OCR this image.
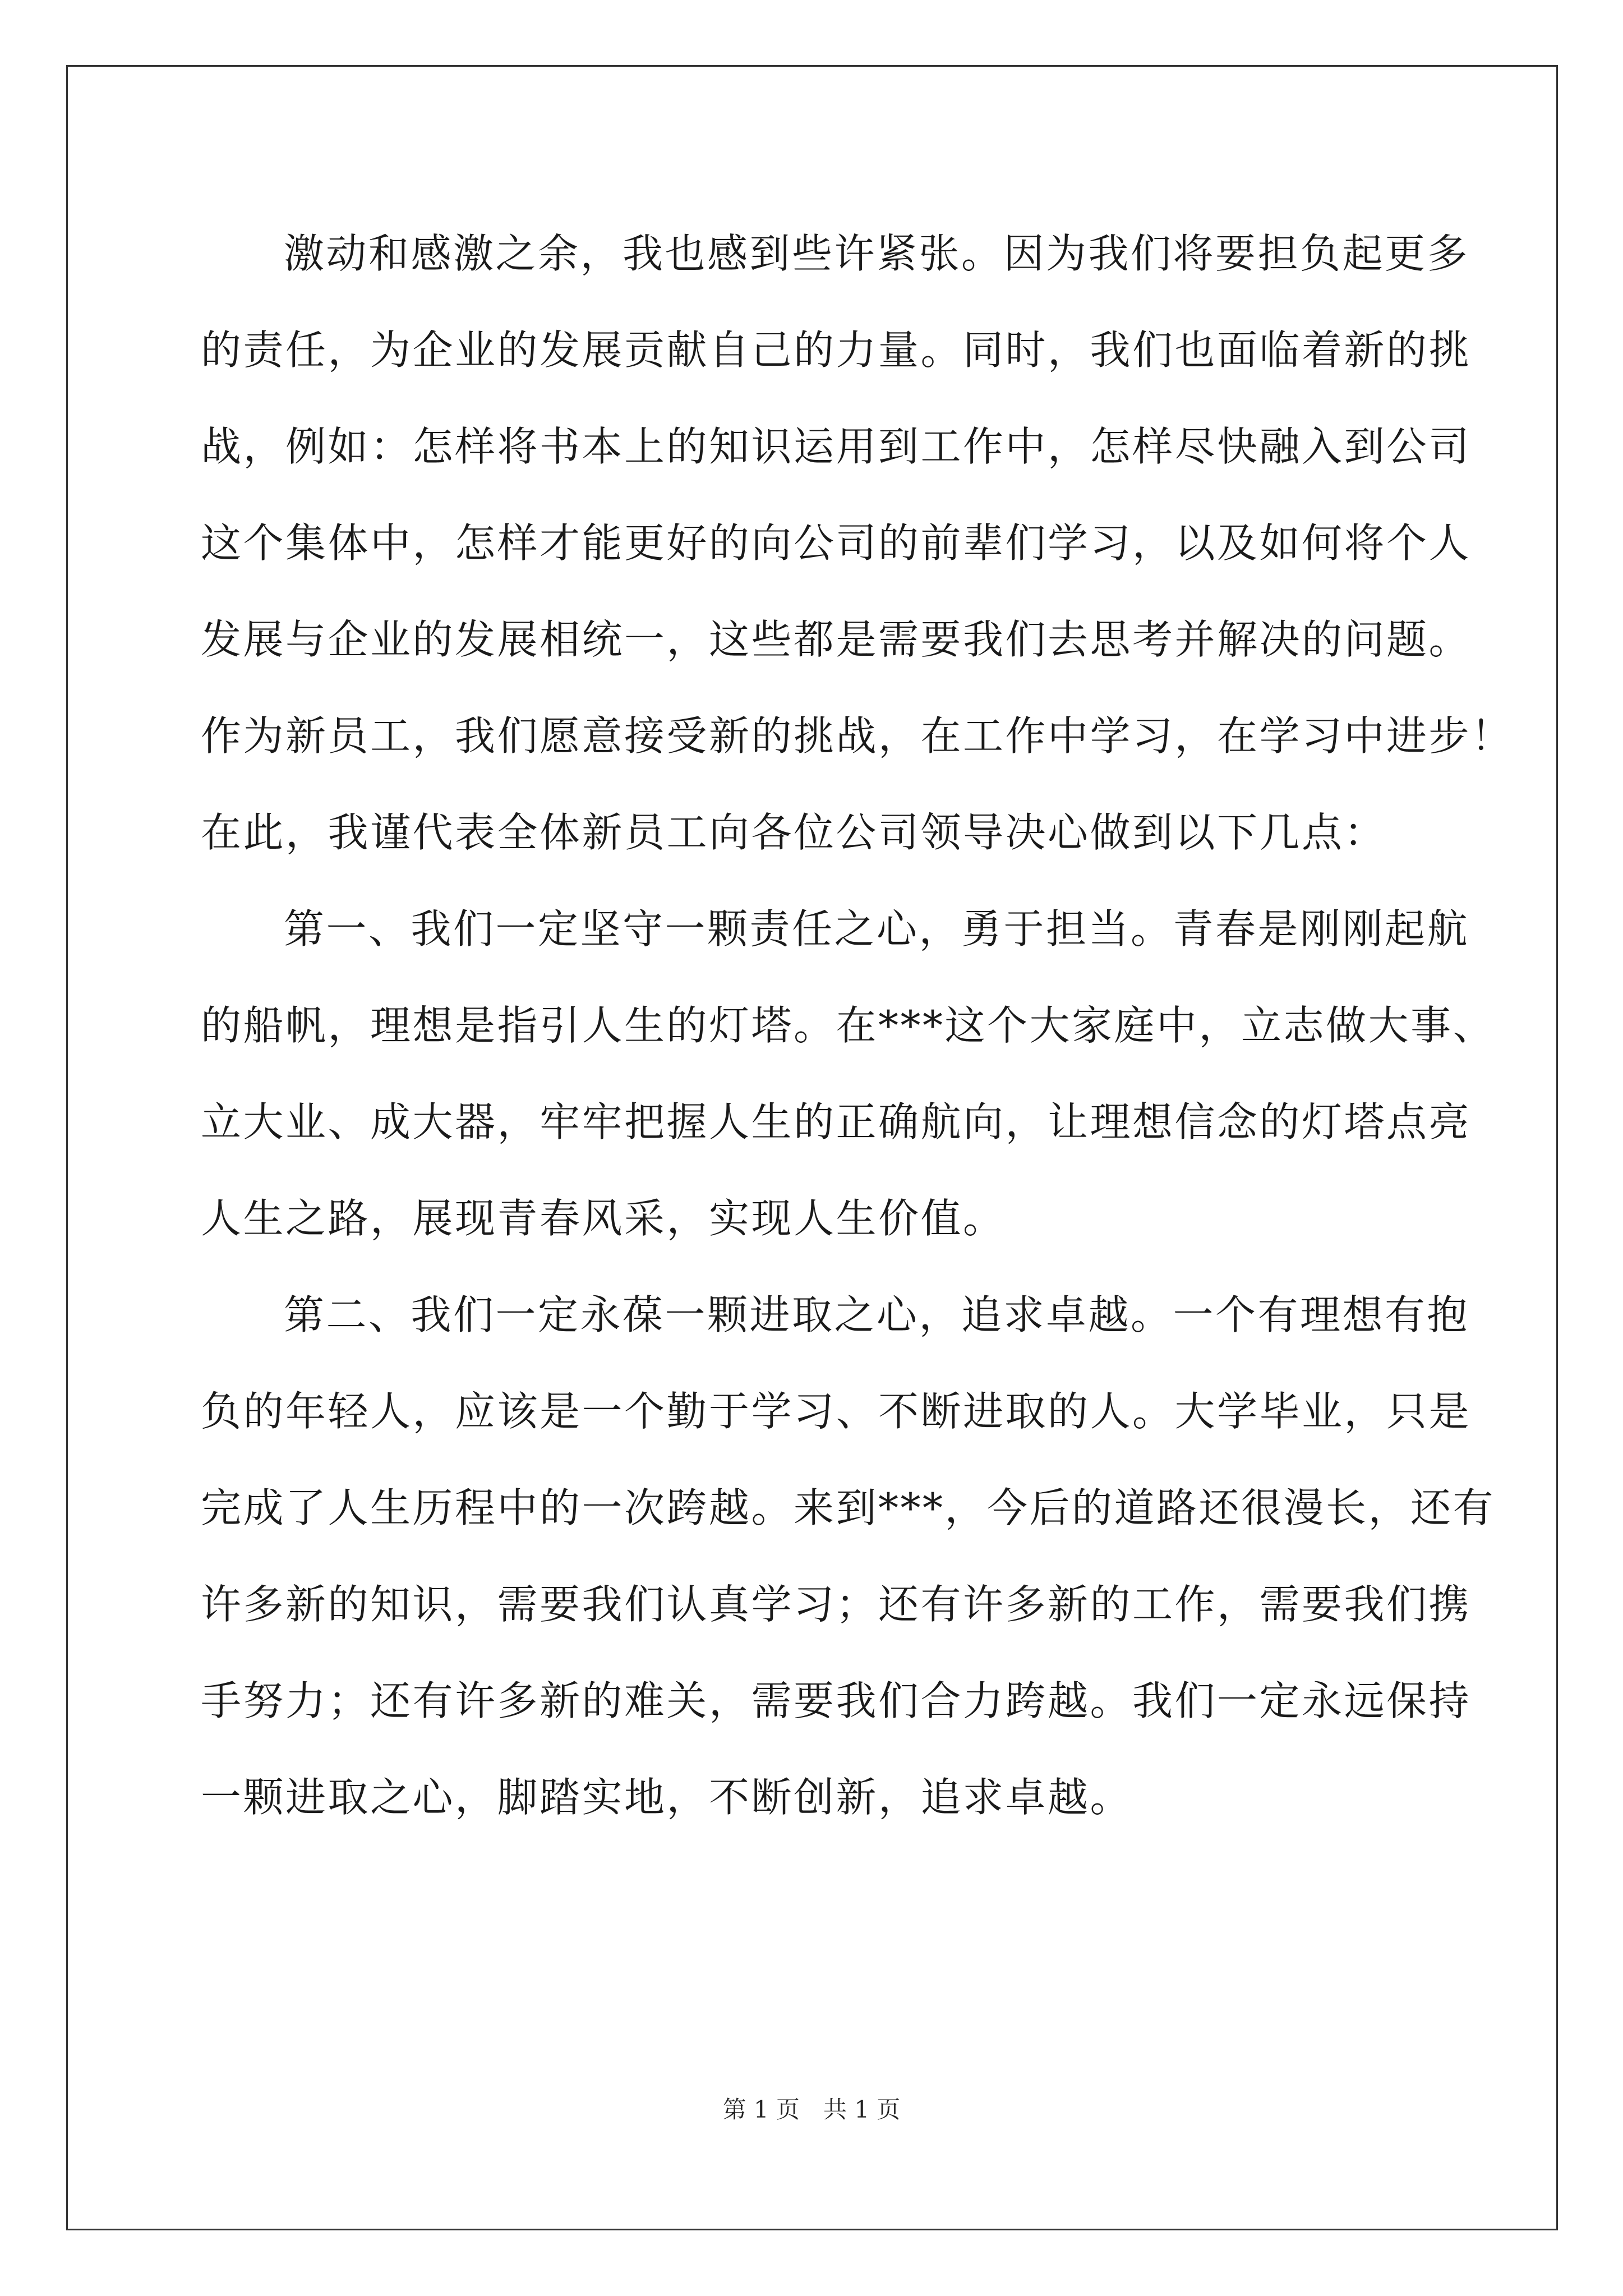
激动和感激之余，我也感到些许紧张。因为我们将要担负起更多
的责任，为企业的发展贡献自己的力量。同时，我们也面临着新的挑
战，例如：怎样将书本上的知识运用到工作中，怎样尽快融入到公司
这个集体中，怎样才能更好的向公司的前辈们学习，以及如何将个人
发展与企业的发展相统一，这些都是需要我们去思考并解决的问题。
作为新员工，我们愿意接受新的挑战，在工作中学习，在学习中进步！
在此，我谨代表全体新员工向各位公司领导决心做到以下几点：
第一、我们一定坚守一颗责任之心，勇于担当。青春是刚刚起航
的船帆，理想是指引人生的灯塔。在***这个大家庭中，立志做大事、
立大业、成大器，牢牢把握人生的正确航向，让理想信念的灯塔点亮
人生之路，展现青春风采，实现人生价值。
第二、我们一定永葆一颗进取之心，追求卓越。一个有理想有抱
负的年轻人，应该是一个勤于学习、不断进取的人。大学毕业，只是
完成了人生历程中的一次跨越。来到***，今后的道路还很漫长，还有
许多新的知识，需要我们认真学习；还有许多新的工作，需要我们携
手努力；还有许多新的难关，需要我们合力跨越。我们一定永远保持
一颗进取之心，脚踏实地，不断创新，追求卓越。
第 1 页　共 1 页
